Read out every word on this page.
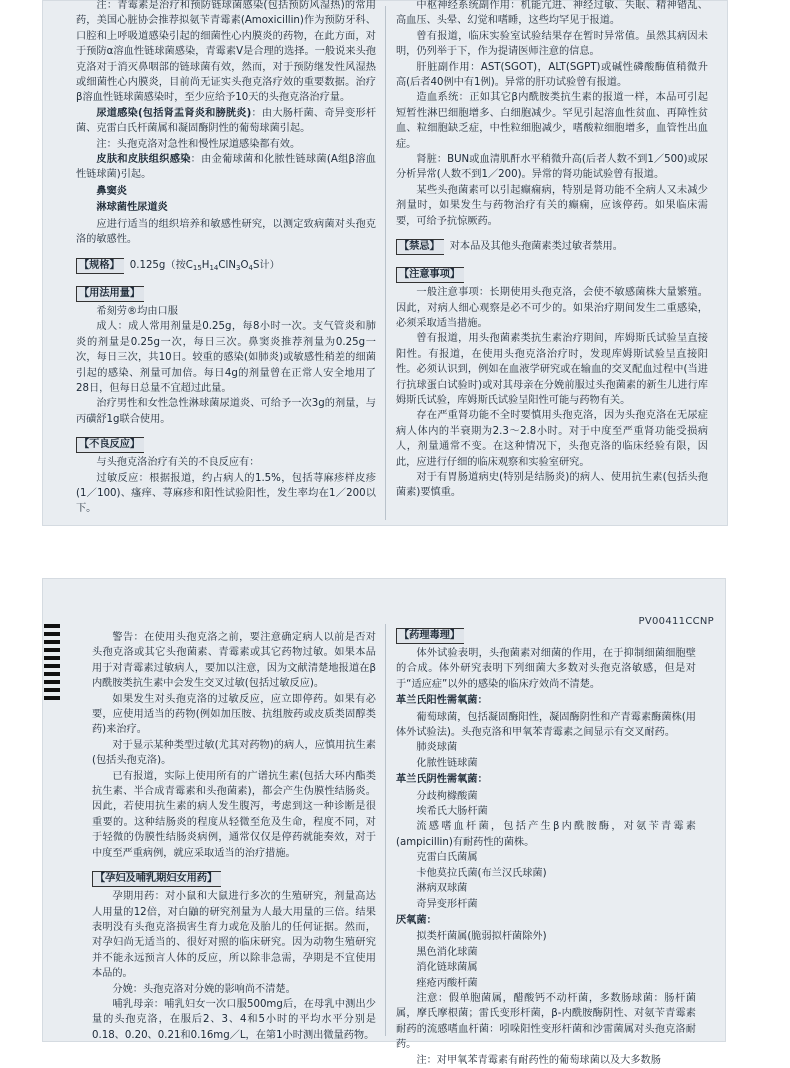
注：青霉素是治疗和预防链球菌感染(包括预防风湿热)的常用药，美国心脏协会推荐拟氨苄青霉素(Amoxicillin)作为预防牙科、口腔和上呼吸道感染引起的细菌性心内膜炎的药物，在此方面，对于预防α溶血性链球菌感染，青霉素V是合理的选择。一般说来头孢克洛对于消灭鼻咽部的链球菌有效，然而，对于预防继发性风湿热或细菌性心内膜炎，目前尚无证实头孢克洛疗效的重要数据。治疗β溶血性链球菌感染时，至少应给予10天的头孢克洛治疗量。

尿道感染(包括肾盂肾炎和膀胱炎)：由大肠杆菌、奇异变形杆菌、克雷白氏杆菌属和凝固酶阴性的葡萄球菌引起。

注：头孢克洛对急性和慢性尿道感染都有效。

皮肤和皮肤组织感染：由金葡球菌和化脓性链球菌(A组β溶血性链球菌)引起。

鼻窦炎
淋球菌性尿道炎

应进行适当的组织培养和敏感性研究，以测定致病菌对头孢克洛的敏感性。

【规格】 0.125g（按$C_{15}H_{14}ClN_3O_4S$计）
【用法用量】

希刻劳®均由口服

成人：成人常用剂量是0.25g，每8小时一次。支气管炎和肺炎的剂量是0.25g一次，每日三次。鼻窦炎推荐剂量为0.25g一次，每日三次，共10日。较重的感染(如肺炎)或敏感性稍差的细菌引起的感染、剂量可加倍。每日4g的剂量曾在正常人安全地用了28日，但每日总量不宜超过此量。

治疗男性和女性急性淋球菌尿道炎、可给予一次3g的剂量，与丙磺舒1g联合使用。

【不良反应】

与头孢克洛治疗有关的不良反应有：

过敏反应：根据报道，约占病人的1.5%，包括荨麻疹样皮疹(1／100)、瘙痒、荨麻疹和阳性试验阳性，发生率均在1／200以下。

中枢神经系统副作用：机能亢进、神经过敏、失眠、精神错乱、高血压、头晕、幻觉和嗜睡，这些均罕见于报道。

曾有报道，临床实验室试验结果存在暂时异常值。虽然其病因未明，仍列举于下，作为提请医师注意的信息。

肝脏副作用：AST(SGOT)，ALT(SGPT)或碱性磷酸酶值稍微升高(后者40例中有1例)。异常的肝功试验曾有报道。

造血系统：正如其它β内酰胺类抗生素的报道一样，本品可引起短暂性淋巴细胞增多、白细胞减少。罕见引起溶血性贫血、再障性贫血、粒细胞缺乏症，中性粒细胞减少，嗜酸粒细胞增多，血管性出血症。

肾脏：BUN或血清肌酐水平稍微升高(后者人数不到1／500)或尿分析异常(人数不到1／200)。异常的肾功能试验曾有报道。

某些头孢菌素可以引起癫痫病，特别是肾功能不全病人又未减少剂量时，如果发生与药物治疗有关的癫痫，应该停药。如果临床需要，可给予抗惊厥药。

【禁忌】 对本品及其他头孢菌素类过敏者禁用。
【注意事项】

一般注意事项：长期使用头孢克洛，会使不敏感菌株大量繁殖。因此，对病人细心观察是必不可少的。如果治疗期间发生二重感染，必须采取适当措施。

曾有报道，用头孢菌素类抗生素治疗期间，库姆斯氏试验呈直接阳性。有报道，在使用头孢克洛治疗时，发现库姆斯试验呈直接阳性。必须认识到，例如在血液学研究或在输血的交叉配血过程中(当进行抗球蛋白试验时)或对其母亲在分娩前服过头孢菌素的新生儿进行库姆斯氏试验，库姆斯氏试验呈阳性可能与药物有关。

存在严重肾功能不全时要慎用头孢克洛，因为头孢克洛在无尿症病人体内的半衰期为2.3～2.8小时。对于中度至严重肾功能受损病人，剂量通常不变。在这种情况下，头孢克洛的临床经验有限，因此，应进行仔细的临床观察和实验室研究。

对于有胃肠道病史(特别是结肠炎)的病人、使用抗生素(包括头孢菌素)要慎重。

PV00411CCNP

警告：在使用头孢克洛之前，要注意确定病人以前是否对头孢克洛或其它头孢菌素、青霉素或其它药物过敏。如果本品用于对青霉素过敏病人，要加以注意，因为文献清楚地报道在β内酰胺类抗生素中会发生交叉过敏(包括过敏反应)。

如果发生对头孢克洛的过敏反应，应立即停药。如果有必要，应使用适当的药物(例如加压胺、抗组胺药或皮质类固醇类药)来治疗。

对于显示某种类型过敏(尤其对药物)的病人，应慎用抗生素(包括头孢克洛)。

已有报道，实际上使用所有的广谱抗生素(包括大环内酯类抗生素、半合成青霉素和头孢菌素)，都会产生伪膜性结肠炎。因此，若使用抗生素的病人发生腹泻，考虑到这一种诊断是很重要的。这种结肠炎的程度从轻微至危及生命，程度不同，对于轻微的伪膜性结肠炎病例，通常仅仅是停药就能奏效，对于中度至严重病例，就应采取适当的治疗措施。

【孕妇及哺乳期妇女用药】

孕期用药：对小鼠和大鼠进行多次的生殖研究，剂量高达人用量的12倍，对白鼬的研究剂量为人最大用量的三倍。结果表明没有头孢克洛损害生育力或危及胎儿的任何证据。然而，对孕妇尚无适当的、很好对照的临床研究。因为动物生殖研究并不能永远预言人体的反应，所以除非急需，孕期是不宜使用本品的。

分娩：头孢克洛对分娩的影响尚不清楚。

哺乳母亲：哺乳妇女一次口服500mg后，在母乳中测出少量的头孢克洛，在服后2、3、4和5小时的平均水平分别是0.18、0.20、0.21和0.16mg／L，在第1小时测出微量药物。

【药理毒理】

体外试验表明，头孢菌素对细菌的作用，在于抑制细菌细胞壁的合成。体外研究表明下列细菌大多数对头孢克洛敏感，但是对于“适应症”以外的感染的临床疗效尚不清楚。

革兰氏阳性需氧菌：

葡萄球菌，包括凝固酶阳性，凝固酶阴性和产青霉素酶菌株(用体外试验法)。头孢克洛和甲氧苯青霉素之间显示有交叉耐药。

肺炎球菌
化脓性链球菌
革兰氏阴性需氧菌：
分歧枸橼酸菌
埃希氏大肠杆菌

流感嗜血杆菌，包括产生β内酰胺酶，对氨苄青霉素(ampicillin)有耐药性的菌株。

克雷白氏菌属
卡他莫拉氏菌(布兰汉氏球菌)
淋病双球菌
奇异变形杆菌
厌氧菌：
拟类杆菌属(脆弱拟杆菌除外)
黑色消化球菌
消化链球菌属
痤疮丙酸杆菌

注意：假单胞菌属，醋酸钙不动杆菌，多数肠球菌：肠杆菌属，摩氏摩根菌；雷氏变形杆菌，β-内酰胺酶阴性、对氨苄青霉素耐药的流感嗜血杆菌：吲哚阳性变形杆菌和沙雷菌属对头孢克洛耐药。

注：对甲氧苯青霉素有耐药性的葡萄球菌以及大多数肠
